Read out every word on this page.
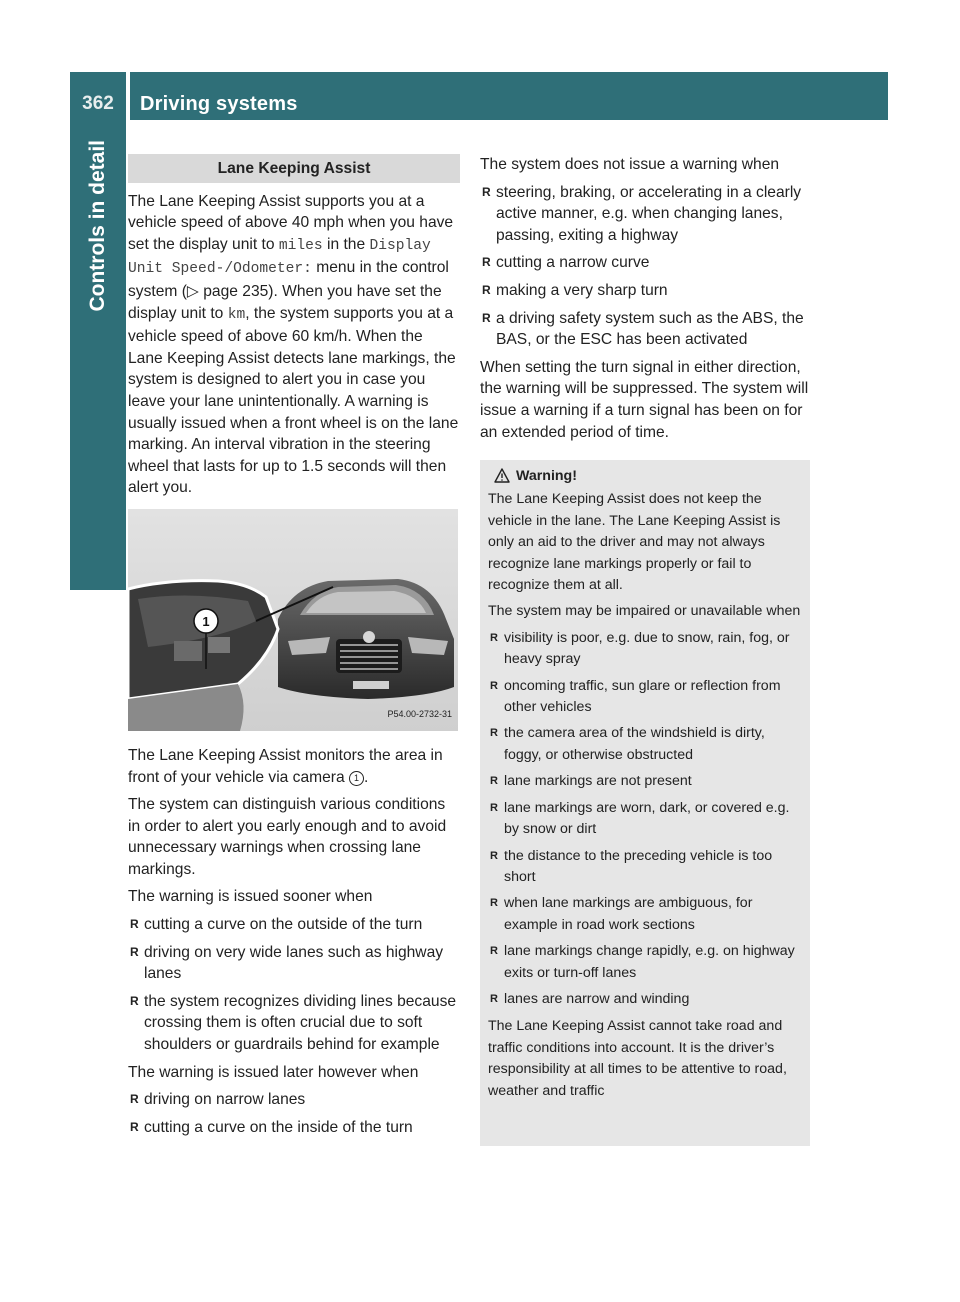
362	Driving systems
Controls in detail	Lane Keeping Assist

The Lane Keeping Assist supports you at a vehicle speed of above 40 mph when you have set the display unit to miles in the Display Unit Speed-/Odometer: menu in the control system (▷ page 235). When you have set the display unit to km, the system supports you at a vehicle speed of above 60 km/h. When the Lane Keeping Assist detects lane markings, the system is designed to alert you in case you leave your lane unintentionally. A warning is usually issued when a front wheel is on the lane marking. An interval vibration in the steering wheel that lasts for up to 1.5 seconds will then alert you.

1
P54.00-2732-31

The Lane Keeping Assist monitors the area in front of your vehicle via camera 1 .

The system can distinguish various conditions in order to alert you early enough and to avoid unnecessary warnings when crossing lane markings.

The warning is issued sooner when

R cutting a curve on the outside of the turn
R driving on very wide lanes such as highway lanes
R the system recognizes dividing lines because crossing them is often crucial due to soft shoulders or guardrails behind for example

The warning is issued later however when

R driving on narrow lanes
R cutting a curve on the inside of the turn

The system does not issue a warning when

R steering, braking, or accelerating in a clearly active manner, e.g. when changing lanes, passing, exiting a highway
R cutting a narrow curve
R making a very sharp turn
R a driving safety system such as the ABS, the BAS, or the ESC has been activated

When setting the turn signal in either direction, the warning will be suppressed. The system will issue a warning if a turn signal has been on for an extended period of time.

Warning!

The Lane Keeping Assist does not keep the vehicle in the lane. The Lane Keeping Assist is only an aid to the driver and may not always recognize lane markings properly or fail to recognize them at all.

The system may be impaired or unavailable when

R visibility is poor, e.g. due to snow, rain, fog, or heavy spray
R oncoming traffic, sun glare or reflection from other vehicles
R the camera area of the windshield is dirty, foggy, or otherwise obstructed
R lane markings are not present
R lane markings are worn, dark, or covered e.g. by snow or dirt
R the distance to the preceding vehicle is too short
R when lane markings are ambiguous, for example in road work sections
R lane markings change rapidly, e.g. on highway exits or turn-off lanes
R lanes are narrow and winding

The Lane Keeping Assist cannot take road and traffic conditions into account. It is the driver’s responsibility at all times to be attentive to road, weather and traffic
